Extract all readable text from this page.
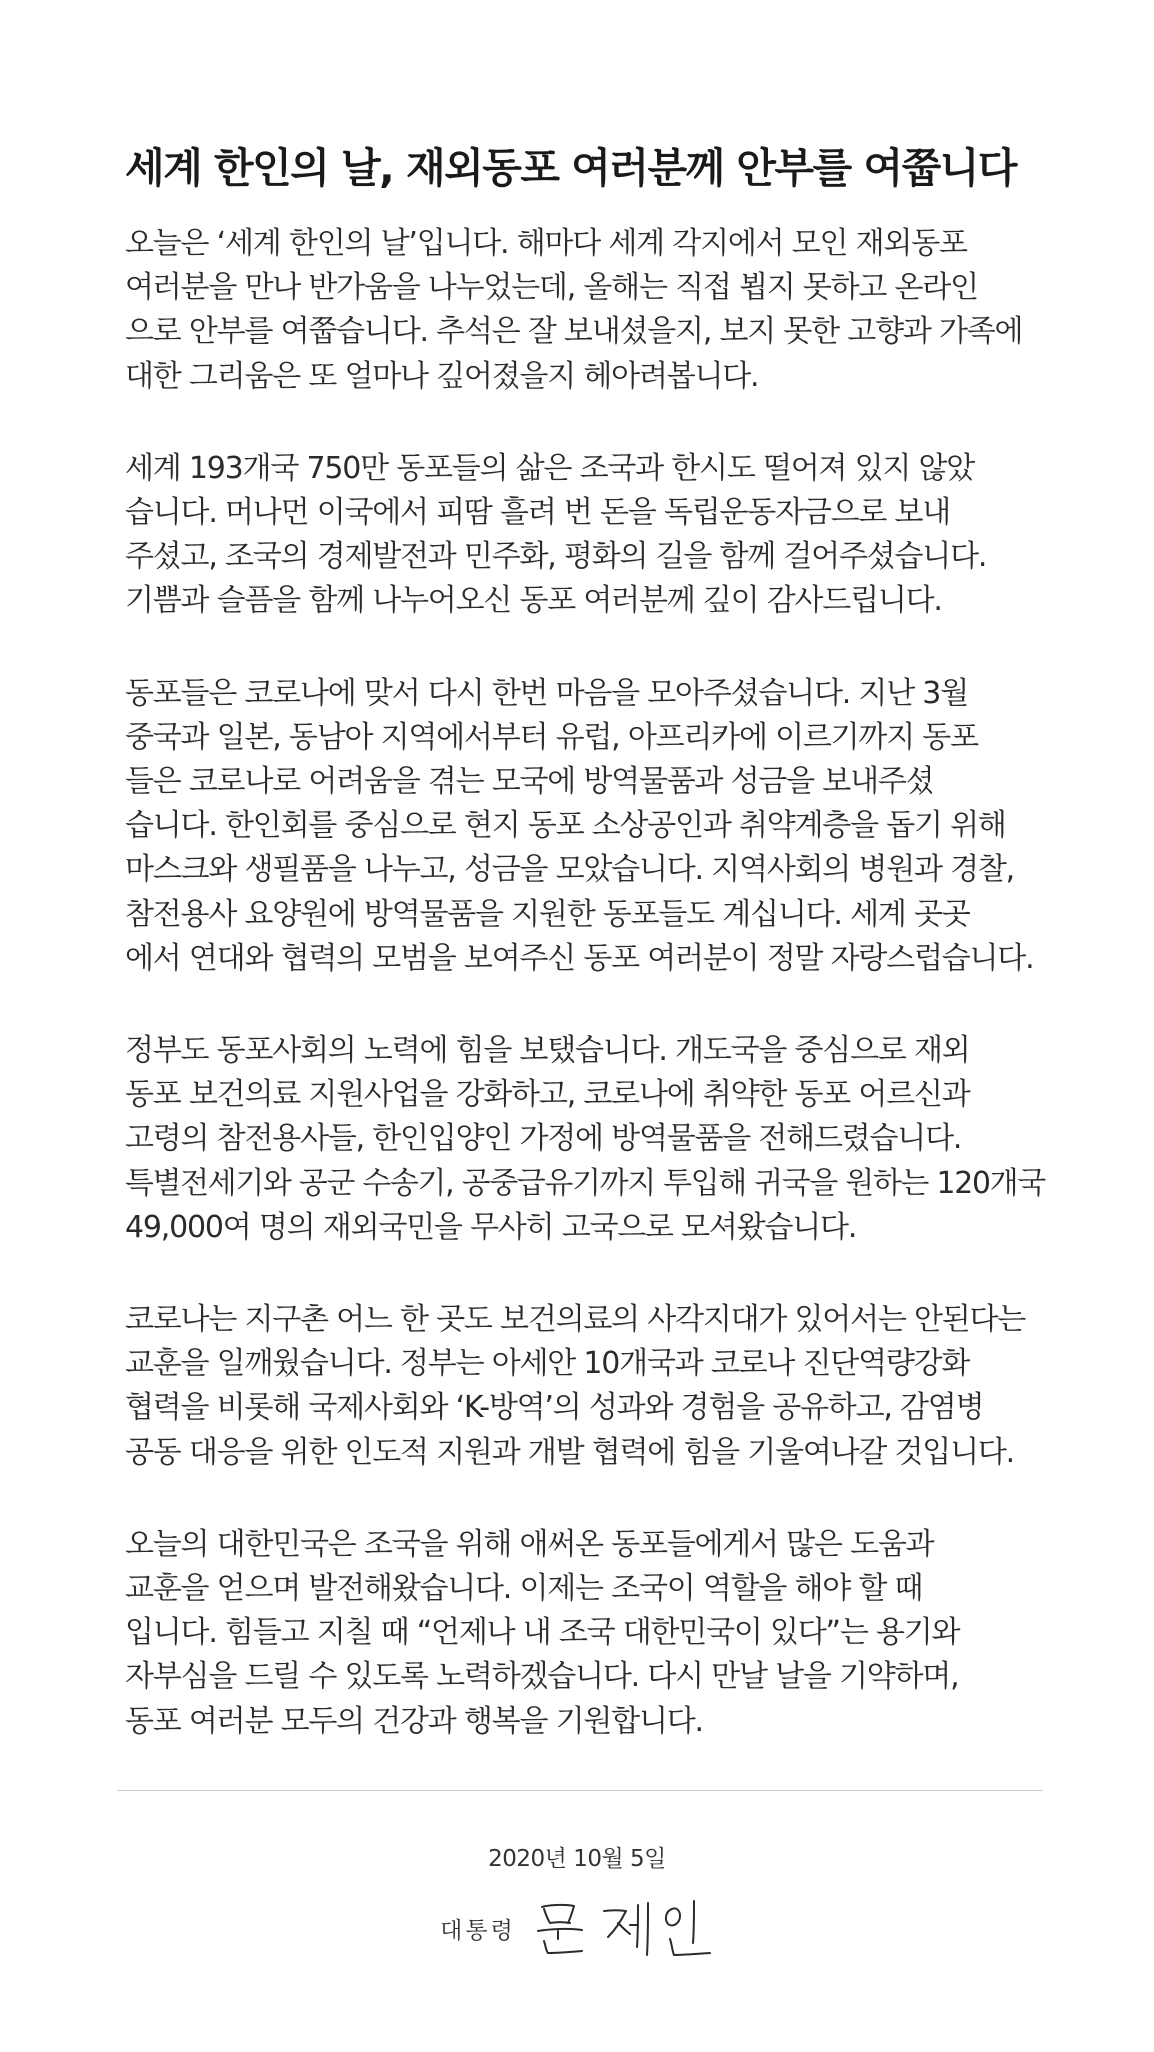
세계 한인의 날, 재외동포 여러분께 안부를 여쭙니다

오늘은 ‘세계 한인의 날’입니다. 해마다 세계 각지에서 모인 재외동포
여러분을 만나 반가움을 나누었는데, 올해는 직접 뵙지 못하고 온라인
으로 안부를 여쭙습니다. 추석은 잘 보내셨을지, 보지 못한 고향과 가족에
대한 그리움은 또 얼마나 깊어졌을지 헤아려봅니다.

세계 193개국 750만 동포들의 삶은 조국과 한시도 떨어져 있지 않았
습니다. 머나먼 이국에서 피땀 흘려 번 돈을 독립운동자금으로 보내
주셨고, 조국의 경제발전과 민주화, 평화의 길을 함께 걸어주셨습니다.
기쁨과 슬픔을 함께 나누어오신 동포 여러분께 깊이 감사드립니다.

동포들은 코로나에 맞서 다시 한번 마음을 모아주셨습니다. 지난 3월
중국과 일본, 동남아 지역에서부터 유럽, 아프리카에 이르기까지 동포
들은 코로나로 어려움을 겪는 모국에 방역물품과 성금을 보내주셨
습니다. 한인회를 중심으로 현지 동포 소상공인과 취약계층을 돕기 위해
마스크와 생필품을 나누고, 성금을 모았습니다. 지역사회의 병원과 경찰,
참전용사 요양원에 방역물품을 지원한 동포들도 계십니다. 세계 곳곳
에서 연대와 협력의 모범을 보여주신 동포 여러분이 정말 자랑스럽습니다.

정부도 동포사회의 노력에 힘을 보탰습니다. 개도국을 중심으로 재외
동포 보건의료 지원사업을 강화하고, 코로나에 취약한 동포 어르신과
고령의 참전용사들, 한인입양인 가정에 방역물품을 전해드렸습니다.
특별전세기와 공군 수송기, 공중급유기까지 투입해 귀국을 원하는 120개국
49,000여 명의 재외국민을 무사히 고국으로 모셔왔습니다.

코로나는 지구촌 어느 한 곳도 보건의료의 사각지대가 있어서는 안된다는
교훈을 일깨웠습니다. 정부는 아세안 10개국과 코로나 진단역량강화
협력을 비롯해 국제사회와 ‘K-방역’의 성과와 경험을 공유하고, 감염병
공동 대응을 위한 인도적 지원과 개발 협력에 힘을 기울여나갈 것입니다.

오늘의 대한민국은 조국을 위해 애써온 동포들에게서 많은 도움과
교훈을 얻으며 발전해왔습니다. 이제는 조국이 역할을 해야 할 때
입니다. 힘들고 지칠 때 “언제나 내 조국 대한민국이 있다”는 용기와
자부심을 드릴 수 있도록 노력하겠습니다. 다시 만날 날을 기약하며,
동포 여러분 모두의 건강과 행복을 기원합니다.

2020년 10월 5일
대통령
